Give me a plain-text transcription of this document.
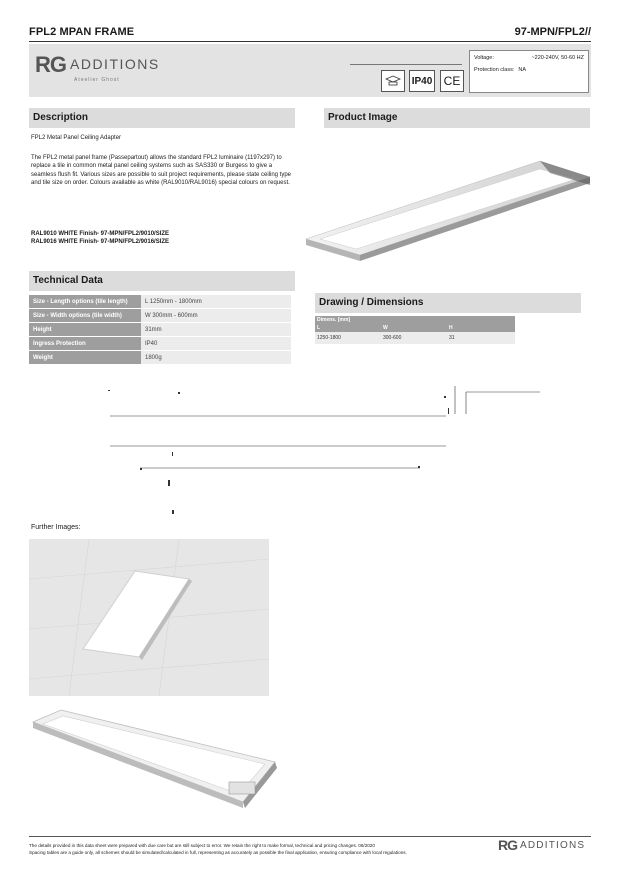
FPL2 MPAN FRAME	97-MPN/FPL2//
RG ADDITIONS
Ateelier Ghost	IP40 CE
Voltage:	~220-240V, 50-60 HZ
Protection class: NA
Description
FPL2 Metal Panel Ceiling Adapter
The FPL2 metal panel frame (Passepartout) allows the standard FPL2 luminaire (1197x297) to replace a tile in common metal panel ceiling systems such as SAS330 or Burgess to give a seamless flush fit. Various sizes are possible to suit project requirements, please state ceiling type and tile size on order. Colours available as white (RAL9010/RAL9016) special colours on request.
RAL9010 WHITE Finish- 97-MPN/FPL2/9010/SIZE
RAL9016 WHITE Finish- 97-MPN/FPL2/9016/SIZE
Product Image
Technical Data
Size - Length options (tile length)	L 1250mm - 1800mm
Size - Width options (tile width)	W 300mm - 600mm
Height	31mm
Ingress Protection	IP40
Weight	1800g
Drawing / Dimensions
Dimens. [mm]		
L	W	H
1250-1800	300-600	31
Further Images:
The details provided in this data sheet were prepared with due care but are still subject to error. We retain the right to make formal, technical and pricing changes. 06/2020
Spacing tables are a guide only, all schemes should be simulated/calculated in full, representing as accurately as possible the final application, ensuring compliance with local regulations.	RG ADDITIONS
